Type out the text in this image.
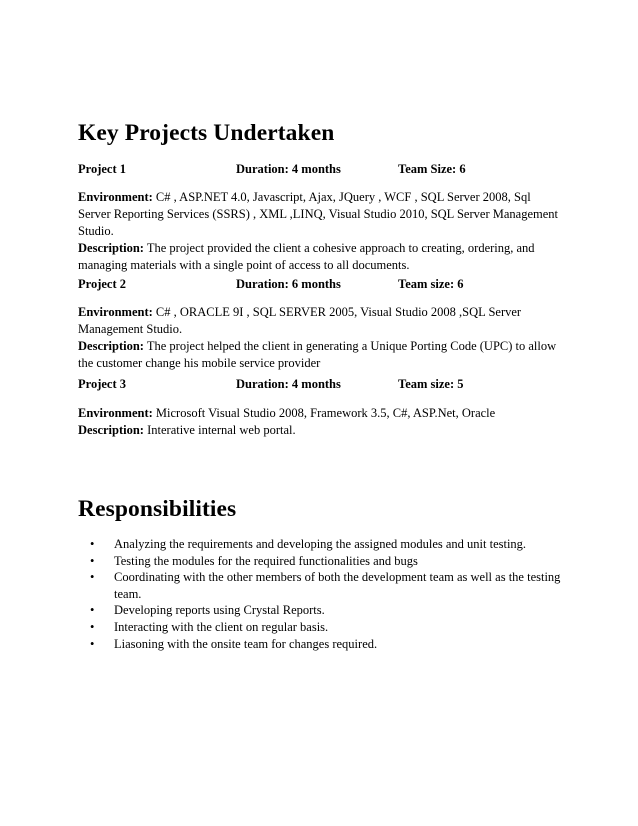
Key Projects Undertaken
Project 1	Duration: 4 months	Team Size: 6

Environment: C# , ASP.NET 4.0, Javascript, Ajax, JQuery , WCF , SQL Server 2008, Sql Server Reporting Services (SSRS) , XML ,LINQ, Visual Studio 2010, SQL Server Management Studio.
Description: The project provided the client a cohesive approach to creating, ordering, and managing materials with a single point of access to all documents.

Project 2	Duration: 6 months	Team size: 6

Environment: C# , ORACLE 9I , SQL SERVER 2005, Visual Studio 2008 ,SQL Server Management Studio.
Description: The project helped the client in generating a Unique Porting Code (UPC) to allow the customer change his mobile service provider

Project 3	Duration: 4 months	Team size: 5

Environment: Microsoft Visual Studio 2008, Framework 3.5, C#, ASP.Net, Oracle
Description: Interative internal web portal.

Responsibilities
• Analyzing the requirements and developing the assigned modules and unit testing.
• Testing the modules for the required functionalities and bugs
• Coordinating with the other members of both the development team as well as the testing team.
• Developing reports using Crystal Reports.
• Interacting with the client on regular basis.
• Liasoning with the onsite team for changes required.
